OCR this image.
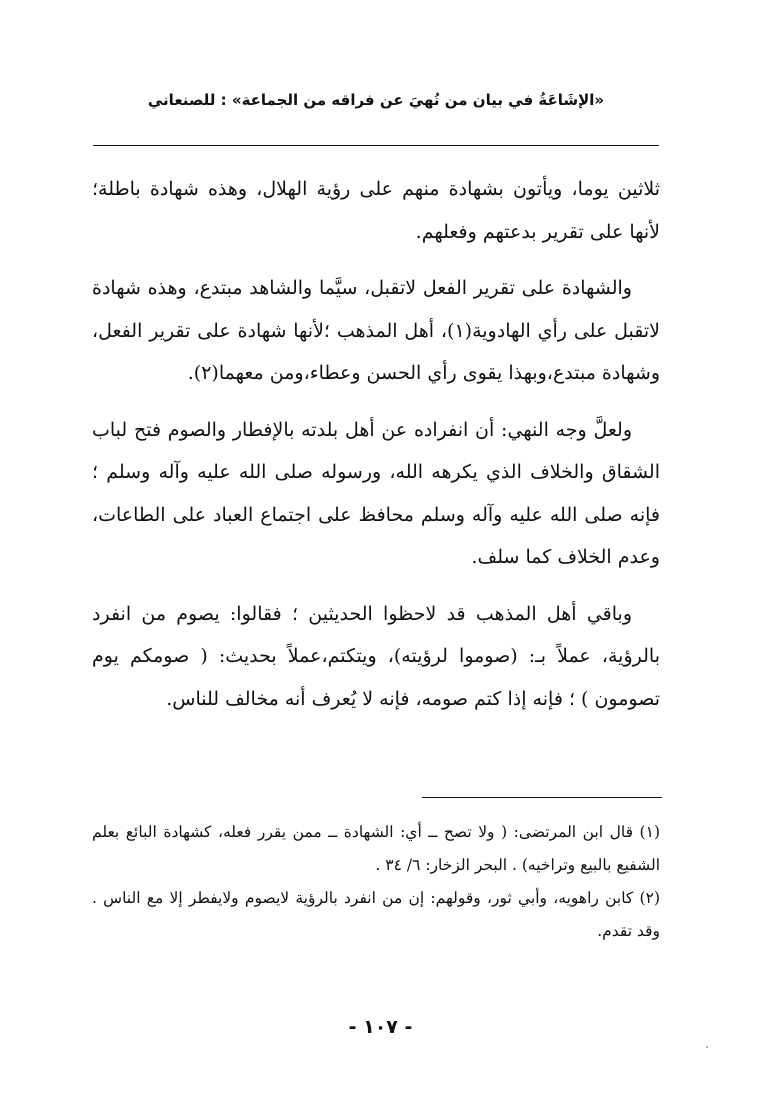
«الإشَاعَةُ في بيان من نُهيَ عن فراقه من الجماعة» : للصنعاني

ثلاثين يوما، ويأتون بشهادة منهم على رؤية الهلال، وهذه شهادة باطلة؛ لأنها على تقرير بدعتهم وفعلهم.

والشهادة على تقرير الفعل لاتقبل، سيَّما والشاهد مبتدع، وهذه شهادة لاتقبل على رأي الهادوية(١)، أهل المذهب ؛لأنها شهادة على تقرير الفعل، وشهادة مبتدع،وبهذا يقوى رأي الحسن وعطاء،ومن معهما(٢).

ولعلَّ وجه النهي: أن انفراده عن أهل بلدته بالإفطار والصوم فتح لباب الشقاق والخلاف الذي يكرهه الله، ورسوله صلى الله عليه وآله وسلم ؛ فإنه صلى الله عليه وآله وسلم محافظ على اجتماع العباد على الطاعات، وعدم الخلاف كما سلف.

وباقي أهل المذهب قد لاحظوا الحديثين ؛ فقالوا: يصوم من انفرد بالرؤية، عملاً بـ: (صوموا لرؤيته)، ويتكتم،عملاً بحديث: ( صومكم يوم تصومون ) ؛ فإنه إذا كتم صومه، فإنه لا يُعرف أنه مخالف للناس.

(١) قال ابن المرتضى: ( ولا تصح ــ أي: الشهادة ــ ممن يقرر فعله، كشهادة البائع بعلم الشفيع بالبيع وتراخيه) . البحر الزخار: ٦/ ٣٤ .

(٢) كابن راهويه، وأبي ثور، وقولهم: إن من انفرد بالرؤية لايصوم ولايفطر إلا مع الناس . وقد تقدم.

- ١٠٧ -
